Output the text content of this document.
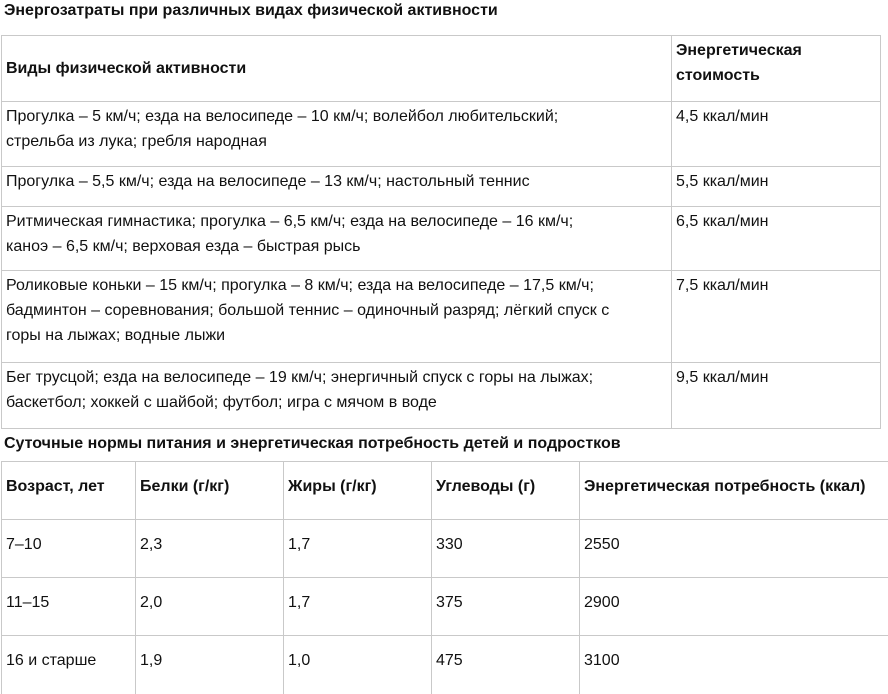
Энергозатраты при различных видах физической активности
Виды физической активности	Энергетическая
стоимость

Прогулка – 5 км/ч; езда на велосипеде – 10 км/ч; волейбол любительский;
стрельба из лука; гребля народная	4,5 ккал/мин

Прогулка – 5,5 км/ч; езда на велосипеде – 13 км/ч; настольный теннис	5,5 ккал/мин

Ритмическая гимнастика; прогулка – 6,5 км/ч; езда на велосипеде – 16 км/ч;
каноэ – 6,5 км/ч; верховая езда – быстрая рысь	6,5 ккал/мин

Роликовые коньки – 15 км/ч; прогулка – 8 км/ч; езда на велосипеде – 17,5 км/ч;
бадминтон – соревнования; большой теннис – одиночный разряд; лёгкий спуск с
горы на лыжах; водные лыжи	7,5 ккал/мин

Бег трусцой; езда на велосипеде – 19 км/ч; энергичный спуск с горы на лыжах;
баскетбол; хоккей с шайбой; футбол; игра с мячом в воде	9,5 ккал/мин
Суточные нормы питания и энергетическая потребность детей и подростков
Возраст, лет	Белки (г/кг)	Жиры (г/кг)	Углеводы (г)	Энергетическая потребность (ккал)
7–10	2,3	1,7	330	2550
11–15	2,0	1,7	375	2900
16 и старше	1,9	1,0	475	3100
